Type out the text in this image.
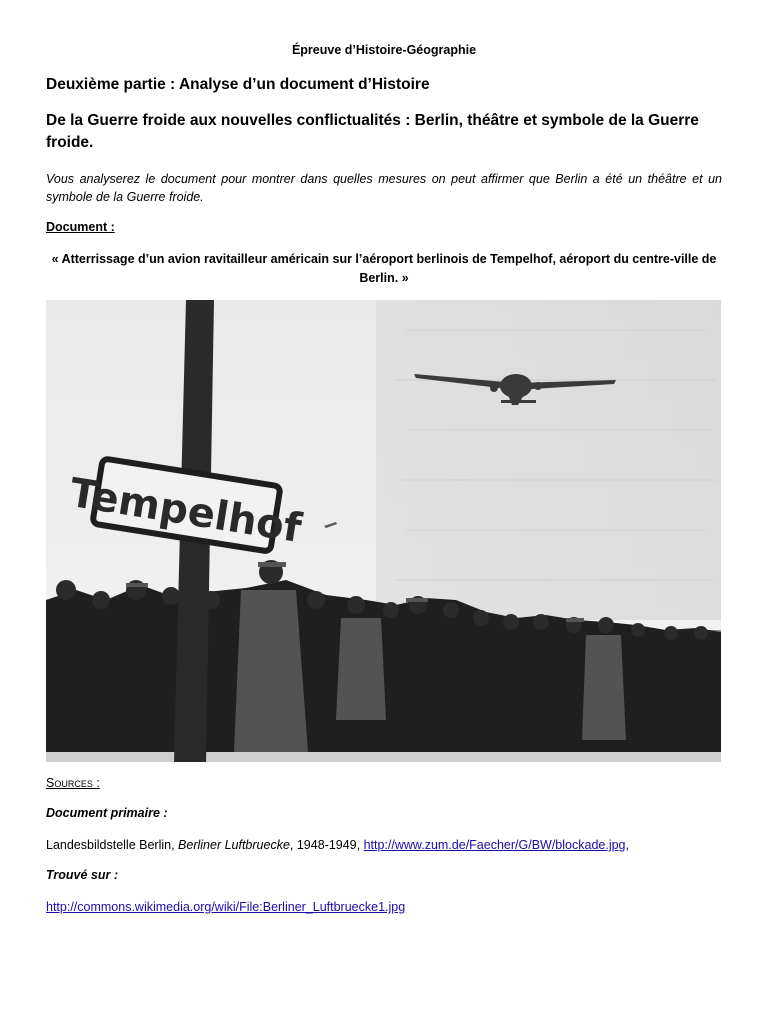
Épreuve d’Histoire-Géographie
Deuxième partie : Analyse d’un document d’Histoire
De la Guerre froide aux nouvelles conflictualités : Berlin, théâtre et symbole de la Guerre froide.
Vous analyserez le document pour montrer dans quelles mesures on peut affirmer que Berlin a été un théâtre et un symbole de la Guerre froide.
Document :
« Atterrissage d’un avion ravitailleur américain sur l’aéroport berlinois de Tempelhof, aéroport du centre-ville de Berlin. »
Tempelhof
Sources :
Document primaire :
Landesbildstelle Berlin, Berliner Luftbruecke, 1948-1949, http://www.zum.de/Faecher/G/BW/blockade.jpg,
Trouvé sur :
http://commons.wikimedia.org/wiki/File:Berliner_Luftbruecke1.jpg
